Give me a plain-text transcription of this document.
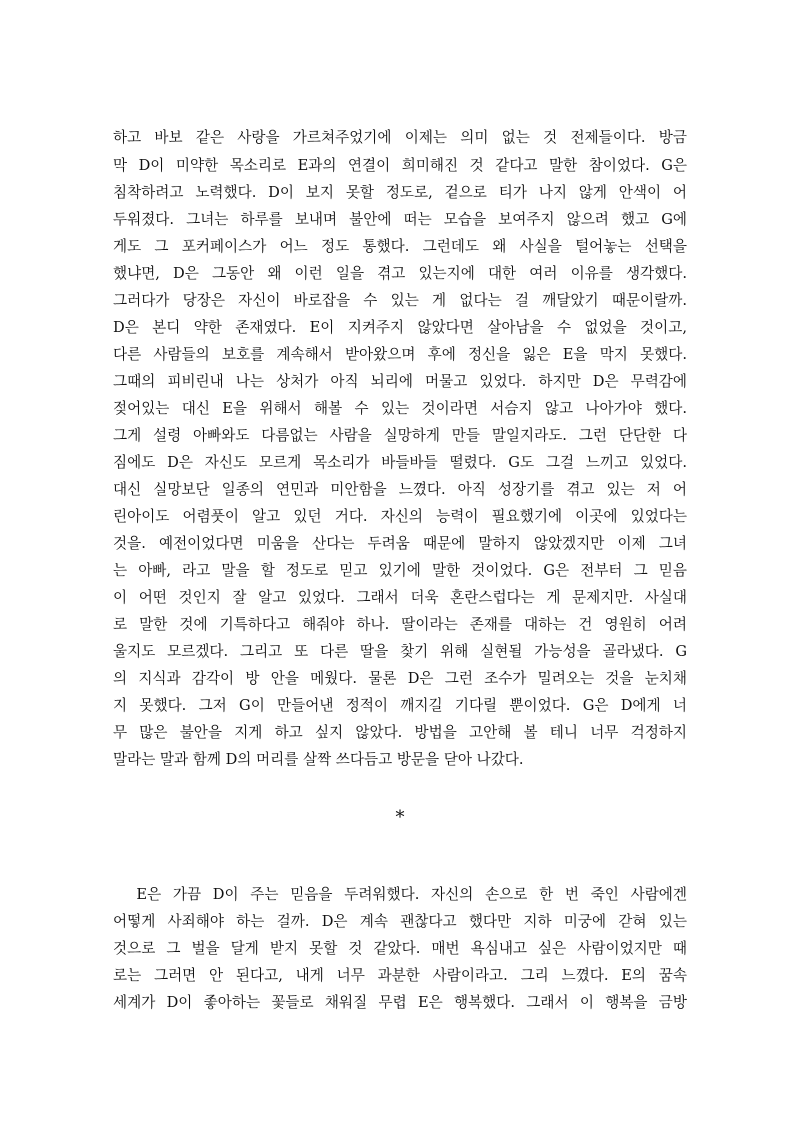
하고 바보 같은 사랑을 가르쳐주었기에 이제는 의미 없는 것 전제들이다. 방금
막 D이 미약한 목소리로 E과의 연결이 희미해진 것 같다고 말한 참이었다. G은
침착하려고 노력했다. D이 보지 못할 정도로, 겉으로 티가 나지 않게 안색이 어
두워졌다. 그녀는 하루를 보내며 불안에 떠는 모습을 보여주지 않으려 했고 G에
게도 그 포커페이스가 어느 정도 통했다. 그런데도 왜 사실을 털어놓는 선택을
했냐면, D은 그동안 왜 이런 일을 겪고 있는지에 대한 여러 이유를 생각했다.
그러다가 당장은 자신이 바로잡을 수 있는 게 없다는 걸 깨달았기 때문이랄까.
D은 본디 약한 존재였다. E이 지켜주지 않았다면 살아남을 수 없었을 것이고,
다른 사람들의 보호를 계속해서 받아왔으며 후에 정신을 잃은 E을 막지 못했다.
그때의 피비린내 나는 상처가 아직 뇌리에 머물고 있었다. 하지만 D은 무력감에
젖어있는 대신 E을 위해서 해볼 수 있는 것이라면 서슴지 않고 나아가야 했다.
그게 설령 아빠와도 다름없는 사람을 실망하게 만들 말일지라도. 그런 단단한 다
짐에도 D은 자신도 모르게 목소리가 바들바들 떨렸다. G도 그걸 느끼고 있었다.
대신 실망보단 일종의 연민과 미안함을 느꼈다. 아직 성장기를 겪고 있는 저 어
린아이도 어렴풋이 알고 있던 거다. 자신의 능력이 필요했기에 이곳에 있었다는
것을. 예전이었다면 미움을 산다는 두려움 때문에 말하지 않았겠지만 이제 그녀
는 아빠, 라고 말을 할 정도로 믿고 있기에 말한 것이었다. G은 전부터 그 믿음
이 어떤 것인지 잘 알고 있었다. 그래서 더욱 혼란스럽다는 게 문제지만. 사실대
로 말한 것에 기특하다고 해줘야 하나. 딸이라는 존재를 대하는 건 영원히 어려
울지도 모르겠다. 그리고 또 다른 딸을 찾기 위해 실현될 가능성을 골라냈다. G
의 지식과 감각이 방 안을 메웠다. 물론 D은 그런 조수가 밀려오는 것을 눈치채
지 못했다. 그저 G이 만들어낸 정적이 깨지길 기다릴 뿐이었다. G은 D에게 너
무 많은 불안을 지게 하고 싶지 않았다. 방법을 고안해 볼 테니 너무 걱정하지
말라는 말과 함께 D의 머리를 살짝 쓰다듬고 방문을 닫아 나갔다.
*
E은 가끔 D이 주는 믿음을 두려워했다. 자신의 손으로 한 번 죽인 사람에겐
어떻게 사죄해야 하는 걸까. D은 계속 괜찮다고 했다만 지하 미궁에 갇혀 있는
것으로 그 벌을 달게 받지 못할 것 같았다. 매번 욕심내고 싶은 사람이었지만 때
로는 그러면 안 된다고, 내게 너무 과분한 사람이라고. 그리 느꼈다. E의 꿈속
세계가 D이 좋아하는 꽃들로 채워질 무렵 E은 행복했다. 그래서 이 행복을 금방
